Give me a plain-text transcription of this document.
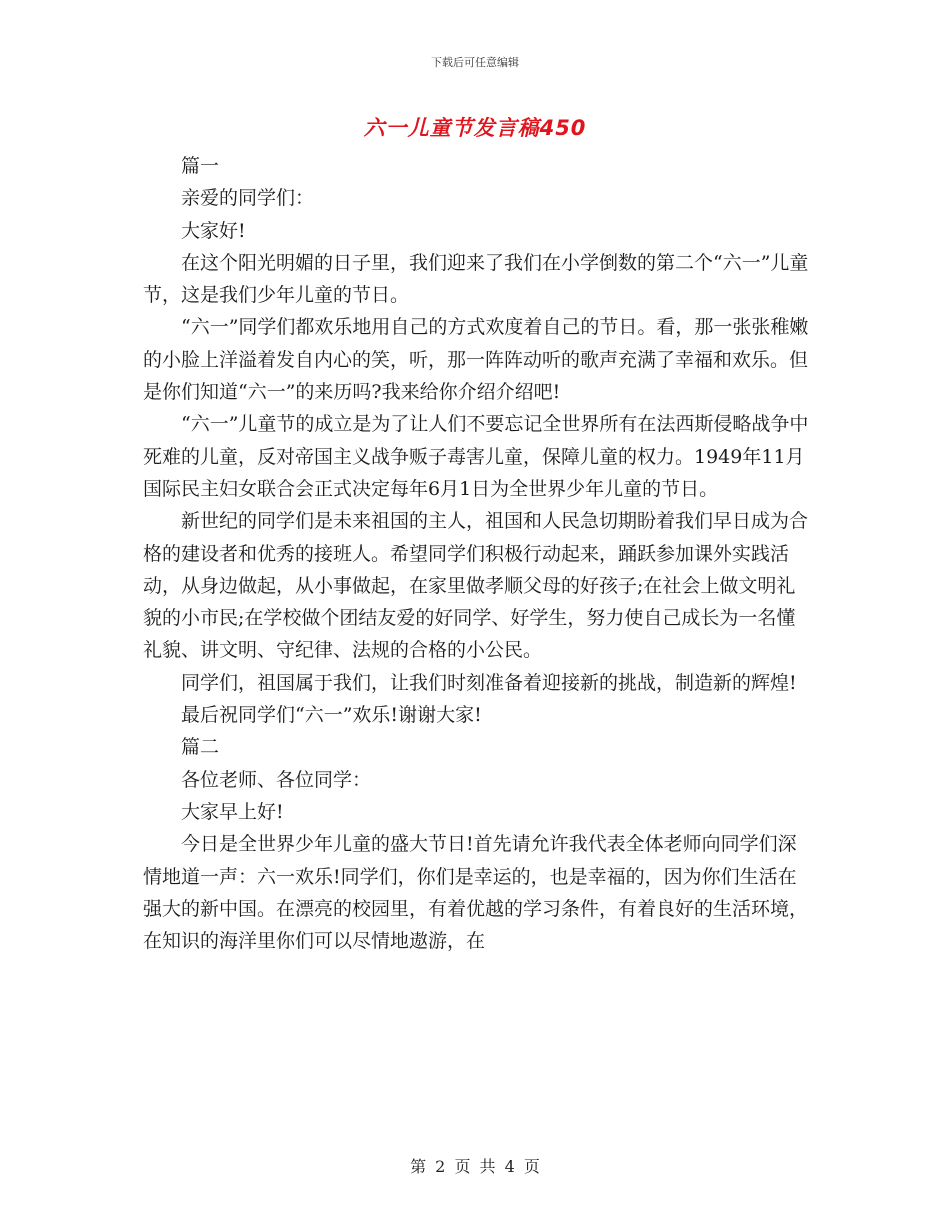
下载后可任意编辑
六一儿童节发言稿450

篇一

亲爱的同学们：

大家好!

在这个阳光明媚的日子里，我们迎来了我们在小学倒数的第二个“六一”儿童节，这是我们少年儿童的节日。

“六一”同学们都欢乐地用自己的方式欢度着自己的节日。看，那一张张稚嫩的小脸上洋溢着发自内心的笑，听，那一阵阵动听的歌声充满了幸福和欢乐。但是你们知道“六一”的来历吗?我来给你介绍介绍吧!

“六一”儿童节的成立是为了让人们不要忘记全世界所有在法西斯侵略战争中死难的儿童，反对帝国主义战争贩子毒害儿童，保障儿童的权力。1949年11月国际民主妇女联合会正式决定每年6月1日为全世界少年儿童的节日。

新世纪的同学们是未来祖国的主人，祖国和人民急切期盼着我们早日成为合格的建设者和优秀的接班人。希望同学们积极行动起来，踊跃参加课外实践活动，从身边做起，从小事做起，在家里做孝顺父母的好孩子;在社会上做文明礼貌的小市民;在学校做个团结友爱的好同学、好学生，努力使自己成长为一名懂礼貌、讲文明、守纪律、法规的合格的小公民。

同学们，祖国属于我们，让我们时刻准备着迎接新的挑战，制造新的辉煌!

最后祝同学们“六一”欢乐!谢谢大家!

篇二

各位老师、各位同学：

大家早上好!

今日是全世界少年儿童的盛大节日!首先请允许我代表全体老师向同学们深情地道一声：六一欢乐!同学们，你们是幸运的，也是幸福的，因为你们生活在强大的新中国。在漂亮的校园里，有着优越的学习条件，有着良好的生活环境，在知识的海洋里你们可以尽情地遨游，在

第 2 页 共 4 页
